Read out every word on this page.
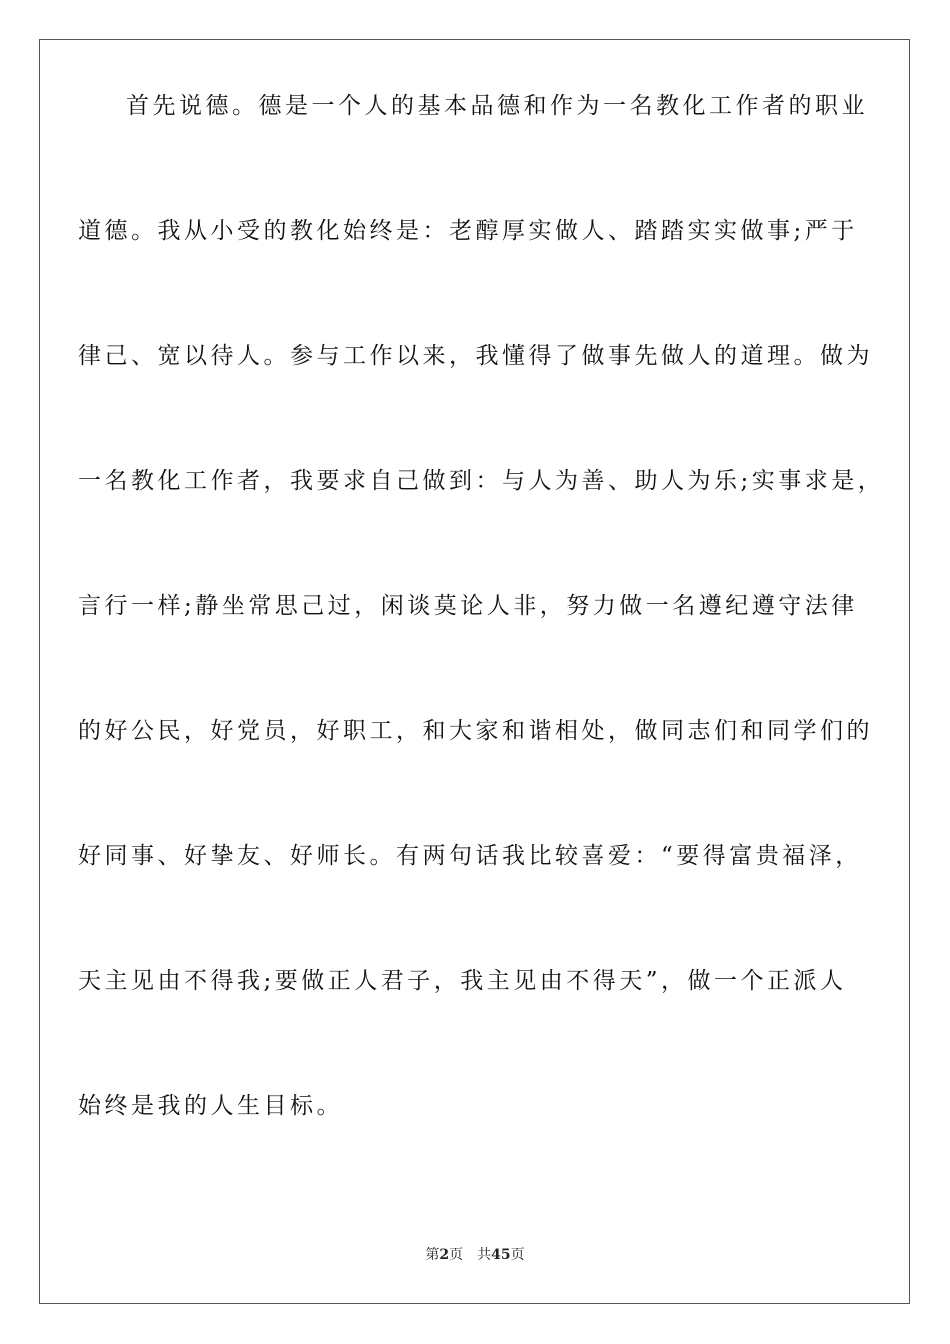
首先说德。德是一个人的基本品德和作为一名教化工作者的职业
道德。我从小受的教化始终是：老醇厚实做人、踏踏实实做事;严于
律己、宽以待人。参与工作以来，我懂得了做事先做人的道理。做为
一名教化工作者，我要求自己做到：与人为善、助人为乐;实事求是，
言行一样;静坐常思己过，闲谈莫论人非，努力做一名遵纪遵守法律
的好公民，好党员，好职工，和大家和谐相处，做同志们和同学们的
好同事、好挚友、好师长。有两句话我比较喜爱：“要得富贵福泽，
天主见由不得我;要做正人君子，我主见由不得天”，做一个正派人
始终是我的人生目标。
第2页 共45页
